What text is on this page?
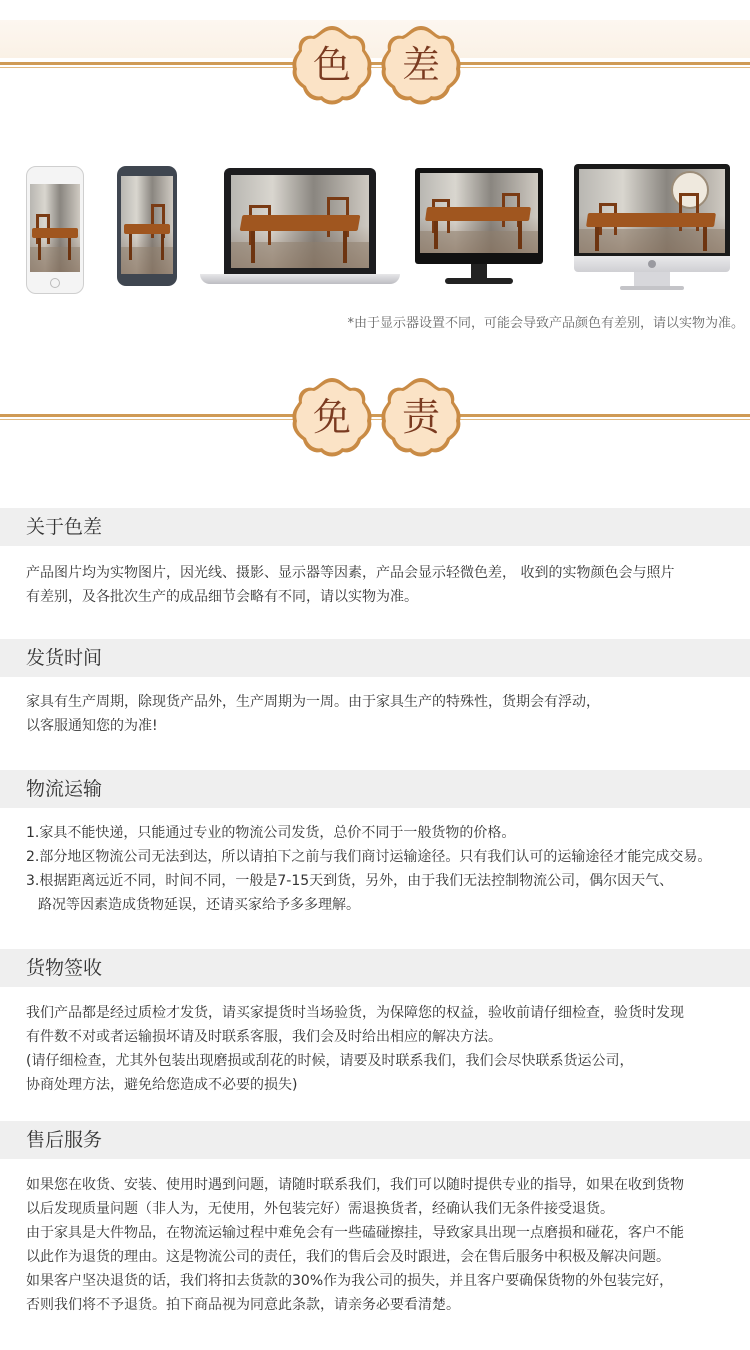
色	差
*由于显示器设置不同，可能会导致产品颜色有差别，请以实物为准。
免	责
关于色差

产品图片均为实物图片，因光线、摄影、显示器等因素，产品会显示轻微色差， 收到的实物颜色会与照片

有差别，及各批次生产的成品细节会略有不同，请以实物为准。

发货时间

家具有生产周期，除现货产品外，生产周期为一周。由于家具生产的特殊性，货期会有浮动，

以客服通知您的为准!

物流运输

1.家具不能快递，只能通过专业的物流公司发货，总价不同于一般货物的价格。

2.部分地区物流公司无法到达，所以请拍下之前与我们商讨运输途径。只有我们认可的运输途径才能完成交易。

3.根据距离远近不同，时间不同，一般是7-15天到货，另外，由于我们无法控制物流公司，偶尔因天气、

路况等因素造成货物延误，还请买家给予多多理解。

货物签收

我们产品都是经过质检才发货，请买家提货时当场验货，为保障您的权益，验收前请仔细检查，验货时发现

有件数不对或者运输损坏请及时联系客服，我们会及时给出相应的解决方法。

(请仔细检查，尤其外包装出现磨损或刮花的时候，请要及时联系我们，我们会尽快联系货运公司，

协商处理方法，避免给您造成不必要的损失)

售后服务

如果您在收货、安装、使用时遇到问题，请随时联系我们，我们可以随时提供专业的指导，如果在收到货物

以后发现质量问题（非人为，无使用，外包装完好）需退换货者，经确认我们无条件接受退货。

由于家具是大件物品，在物流运输过程中难免会有一些磕碰擦挂，导致家具出现一点磨损和碰花，客户不能

以此作为退货的理由。这是物流公司的责任，我们的售后会及时跟进，会在售后服务中积极及解决问题。

如果客户坚决退货的话，我们将扣去货款的30%作为我公司的损失，并且客户要确保货物的外包装完好，

否则我们将不予退货。拍下商品视为同意此条款，请亲务必要看清楚。
